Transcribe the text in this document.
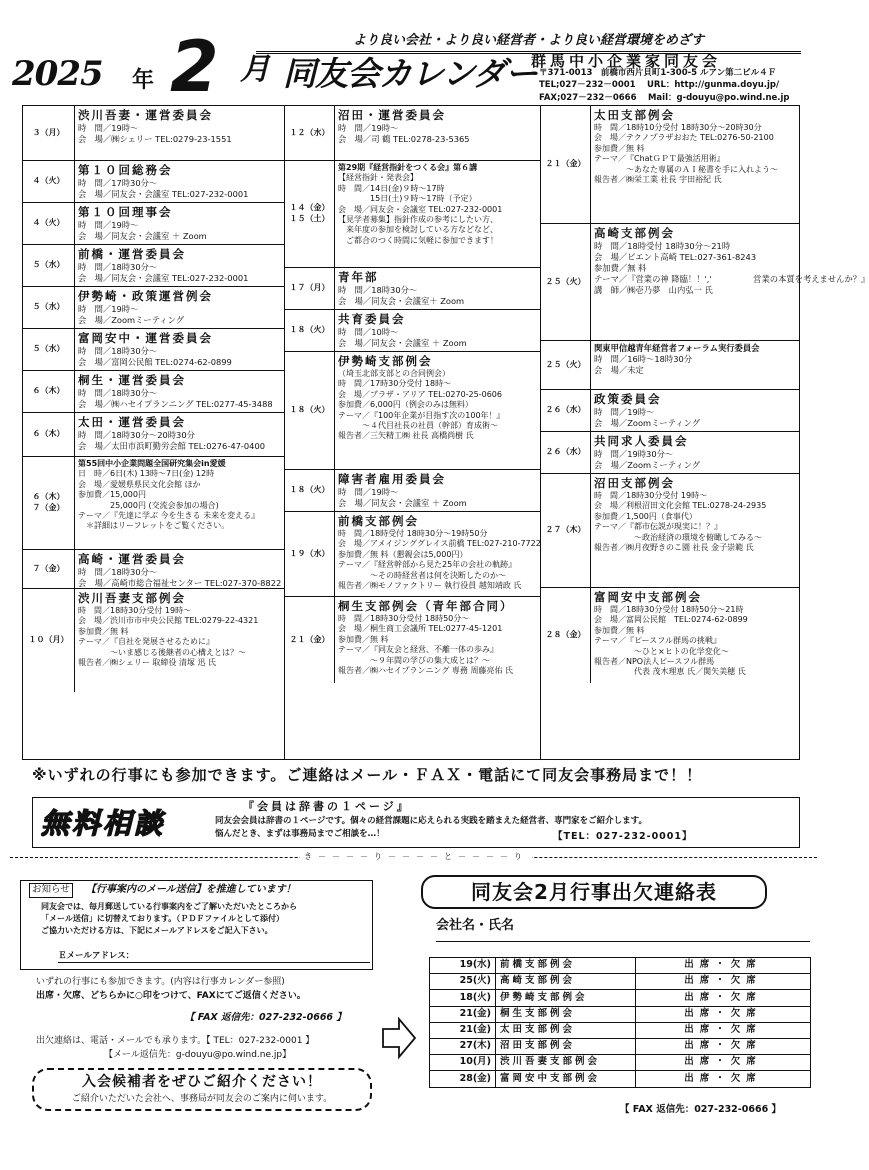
より良い会社・より良い経営者・より良い経営環境をめざす
2025 年 2 月 同友会カレンダー
群馬中小企業家同友会
〒371-0013　前橋市西片貝町1-300-5 ルアン第二ビル４Ｆ
TEL;027－232－0001　 URL：http://gunma.doyu.jp/
FAX;027－232－0666　 Mail：g-douyu@po.wind.ne.jp
３（月）
渋川吾妻・運営委員会
時　間／19時～
会　場／㈱シェリー TEL:0279-23-1551
４（火）
第１０回総務会
時　間／17時30分～
会　場／同友会・会議室 TEL:027-232-0001
４（火）
第１０回理事会
時　間／19時～
会　場／同友会・会議室 ＋ Zoom
５（水）
前橋・運営委員会
時　間／18時30分～
会　場／同友会・会議室 TEL:027-232-0001
５（水）
伊勢崎・政策運営例会
時　間／19時～
会　場／Zoomミーティング
５（水）
富岡安中・運営委員会
時　間／18時30分～
会　場／富岡公民館 TEL:0274-62-0899
６（木）
桐生・運営委員会
時　間／18時30分～
会　場／㈱ハセイプランニング TEL:0277-45-3488
６（木）
太田・運営委員会
時　間／18時30分～20時30分
会　場／太田市浜町勤労会館 TEL:0276-47-0400
６（木）
７（金）
第55回中小企業問題全国研究集会in愛媛
日　時／6日(木) 13時～7日(金) 12時
会　場／愛媛県県民文化会館 ほか
参加費／15,000円
　　　　25,000円 (交流会参加の場合)
テーマ／『先達に学ぶ 今を生きる 未来を変える』
　＊詳細はリーフレットをご覧ください。
７（金）
高崎・運営委員会
時　間／18時30分～
会　場／高崎市総合福祉センター TEL:027-370-8822
１０（月）
渋川吾妻支部例会
時　間／18時30分受付 19時～
会　場／渋川市市中央公民館 TEL:0279-22-4321
参加費／無 料
テーマ／『自社を発展させるために』
　　　　～いま感じる後継者の心構えとは？～
報告者／㈱シェリー 取締役 清塚 迅 氏
１２（水）
沼田・運営委員会
時　間／19時～
会　場／司 鶴 TEL:0278-23-5365
１４（金）
１５（土）
第29期『経営指針をつくる会』第６講
【経営指針・発表会】
時　間／14日(金)９時～17時
　　　　15日(土)９時～17時（予定）
会　場／同友会・会議室 TEL:027-232-0001
【見学者募集】指針作成の参考にしたい方、
　来年度の参加を検討している方などなど、
　ご都合のつく時間に気軽に参加できます！
１７（月）
青年部
時　間／18時30分～
会　場／同友会・会議室＋ Zoom
１８（火）
共育委員会
時　間／10時～
会　場／同友会・会議室 ＋ Zoom
１８（火）
伊勢崎支部例会
（埼玉北部支部との合同例会）
時　間／17時30分受付 18時～
会　場／プラザ・アリア TEL:0270-25-0606
参加費／6,000円（例会のみは無料）
テーマ／『100年企業が目指す次の100年！』
　　　～４代目社長の社員（幹部）育成術～
報告者／三矢精工㈱ 社長 高橋尚樹 氏
１８（火）
障害者雇用委員会
時　間／19時～
会　場／同友会・会議室 ＋ Zoom
１９（水）
前橋支部例会
時　間／18時受付 18時30分～19時50分
会　場／アメイジンググレイス前橋 TEL:027-210-7722
参加費／無 料（懇親会は5,000円）
テーマ／『経営幹部から見た25年の会社の軌跡』
　　　　～その時経営者は何を決断したのか～
報告者／㈱モノファクトリー 執行役員 越知靖政 氏
２１（金）
桐生支部例会（青年部合同）
時　間／18時30分受付 18時50分～
会　場／桐生商工会議所 TEL:0277-45-1201
参加費／無 料
テーマ／『同友会と経営、不離一体の歩み』
　　　　～９年間の学びの集大成とは？～
報告者／㈱ハセイプランニング 専務 周藤亮佑 氏
２１（金）
太田支部例会
時　間／18時10分受付 18時30分～20時30分
会　場／テクノプラザおおた TEL:0276-50-2100
参加費／無 料
テーマ／『ChatＧＰＴ最強活用術』
　　　　～あなた専属のＡＩ秘書を手に入れよう～
報告者／㈱栄工業 社長 宇田裕紀 氏
２５（火）
高崎支部例会
時　間／18時受付 18時30分～21時
会　場／ビエント高崎 TEL:027-361-8243
参加費／無 料
テーマ／『営業の神 降臨！！','　　　　　営業の本質を考えませんか？』
講　師／㈱壱乃夢　山内弘一 氏
２５（火）
関東甲信越青年経営者フォーラム実行委員会
時　間／16時～18時30分
会　場／未定
２６（水）
政策委員会
時　間／19時～
会　場／Zoomミーティング
２６（水）
共同求人委員会
時　間／19時30分～
会　場／Zoomミーティング
２７（木）
沼田支部例会
時　間／18時30分受付 19時～
会　場／利根沼田文化会館 TEL:0278-24-2935
参加費／1,500円（食事代）
テーマ／『都市伝説が現実に！？』
　　　　　～政治経済の環境を俯瞰してみる～
報告者／㈱月夜野きのこ園 社長 金子崇範 氏
２８（金）
富岡安中支部例会
時　間／18時30分受付 18時50分～21時
会　場／富岡公民館　TEL:0274-62-0899
参加費／無 料
テーマ／『ピースフル群馬の挑戦』
　　　　　～ひと×ヒトの化学変化～
報告者／NPO法人ピースフル群馬
　　　　　代表 茂木理恵 氏／関矢美穂 氏
※いずれの行事にも参加できます。ご連絡はメール・ＦＡＸ・電話にて同友会事務局まで！！
無料相談
『会員は辞書の１ページ』
同友会会員は辞書の１ページです。個々の経営課題に応えられる実践を踏まえた経営者、専門家をご紹介します。
悩んだとき、まずは事務局までご相談を…！	【TEL：027-232-0001】
き－－－－り－－－－と－－－－り
お知らせ	【行事案内のメール送信】を推進しています！
同友会では、毎月郵送している行事案内をご了解いただいたところから
「メール送信」に切替えております。（ＰＤＦファイルとして添付）
ご協力いただける方は、下記にメールアドレスをご記入下さい。
Ｅメールアドレス：

いずれの行事にも参加できます。(内容は行事カレンダー参照)

出席・欠席、どちらかに○印をつけて、FAXにてご返信ください。

【 FAX 返信先：027-232-0666 】
出欠連絡は、電話・メールでも承ります。【 TEL：027-232-0001 】
【メール返信先：g-douyu@po.wind.ne.jp】
入会候補者をぜひご紹介ください！
ご紹介いただいた会社へ、事務局が同友会のご案内に伺います。
同友会2月行事出欠連絡表
会社名・氏名
19(水)	前橋支部例会	出席・欠席
25(火)	高崎支部例会	出席・欠席
18(火)	伊勢崎支部例会	出席・欠席
21(金)	桐生支部例会	出席・欠席
21(金)	太田支部例会	出席・欠席
27(木)	沼田支部例会	出席・欠席
10(月)	渋川吾妻支部例会	出席・欠席
28(金)	富岡安中支部例会	出席・欠席
【 FAX 返信先：027-232-0666 】
